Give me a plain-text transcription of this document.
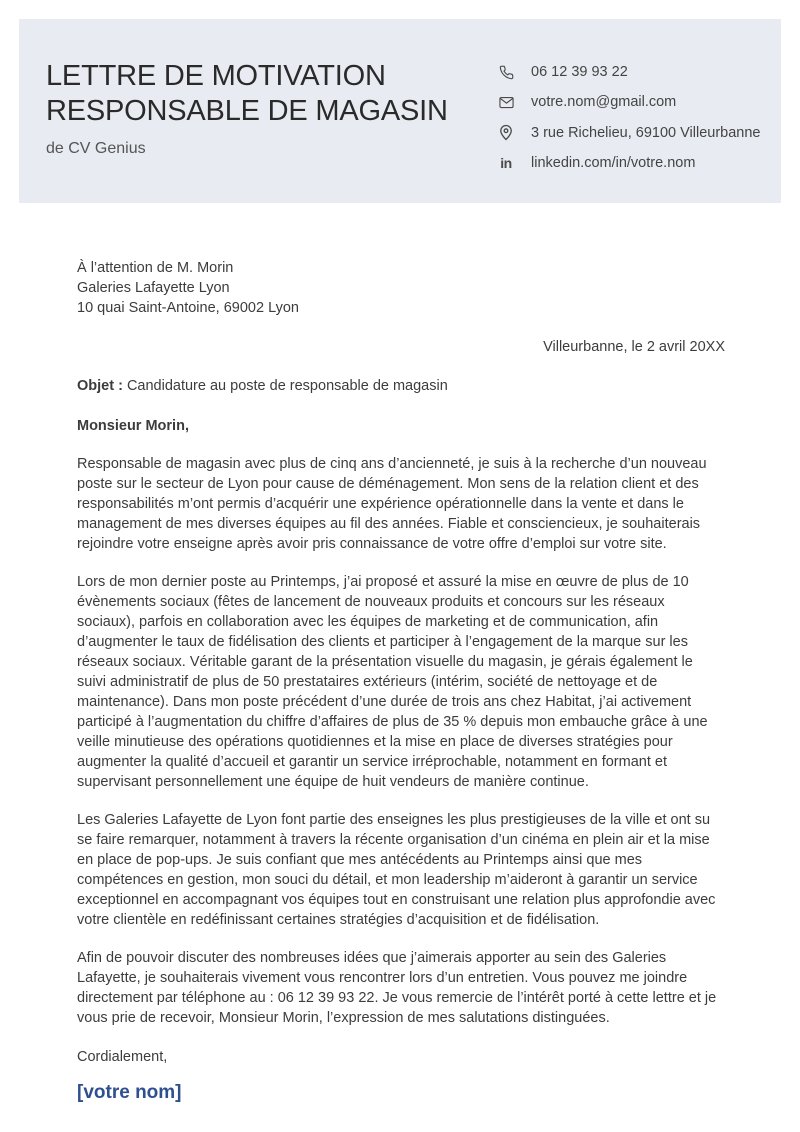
LETTRE DE MOTIVATION
RESPONSABLE DE MAGASIN
de CV Genius
06 12 39 93 22
votre.nom@gmail.com
3 rue Richelieu, 69100 Villeurbanne
in linkedin.com/in/votre.nom
À l’attention de M. Morin
Galeries Lafayette Lyon
10 quai Saint-Antoine, 69002 Lyon
Villeurbanne, le 2 avril 20XX
Objet : Candidature au poste de responsable de magasin
Monsieur Morin,
Responsable de magasin avec plus de cinq ans d’ancienneté, je suis à la recherche d’un nouveau poste sur le secteur de Lyon pour cause de déménagement. Mon sens de la relation client et des responsabilités m’ont permis d’acquérir une expérience opérationnelle dans la vente et dans le management de mes diverses équipes au fil des années. Fiable et consciencieux, je souhaiterais rejoindre votre enseigne après avoir pris connaissance de votre offre d’emploi sur votre site.
Lors de mon dernier poste au Printemps, j’ai proposé et assuré la mise en œuvre de plus de 10 évènements sociaux (fêtes de lancement de nouveaux produits et concours sur les réseaux sociaux), parfois en collaboration avec les équipes de marketing et de communication, afin d’augmenter le taux de fidélisation des clients et participer à l’engagement de la marque sur les réseaux sociaux. Véritable garant de la présentation visuelle du magasin, je gérais également le suivi administratif de plus de 50 prestataires extérieurs (intérim, société de nettoyage et de maintenance). Dans mon poste précédent d’une durée de trois ans chez Habitat, j’ai activement participé à l’augmentation du chiffre d’affaires de plus de 35 % depuis mon embauche grâce à une veille minutieuse des opérations quotidiennes et la mise en place de diverses stratégies pour augmenter la qualité d’accueil et garantir un service irréprochable, notamment en formant et supervisant personnellement une équipe de huit vendeurs de manière continue.
Les Galeries Lafayette de Lyon font partie des enseignes les plus prestigieuses de la ville et ont su se faire remarquer, notamment à travers la récente organisation d’un cinéma en plein air et la mise en place de pop-ups. Je suis confiant que mes antécédents au Printemps ainsi que mes compétences en gestion, mon souci du détail, et mon leadership m’aideront à garantir un service exceptionnel en accompagnant vos équipes tout en construisant une relation plus approfondie avec votre clientèle en redéfinissant certaines stratégies d’acquisition et de fidélisation.
Afin de pouvoir discuter des nombreuses idées que j’aimerais apporter au sein des Galeries Lafayette, je souhaiterais vivement vous rencontrer lors d’un entretien. Vous pouvez me joindre directement par téléphone au : 06 12 39 93 22. Je vous remercie de l’intérêt porté à cette lettre et je vous prie de recevoir, Monsieur Morin, l’expression de mes salutations distinguées.
Cordialement,
[votre nom]
